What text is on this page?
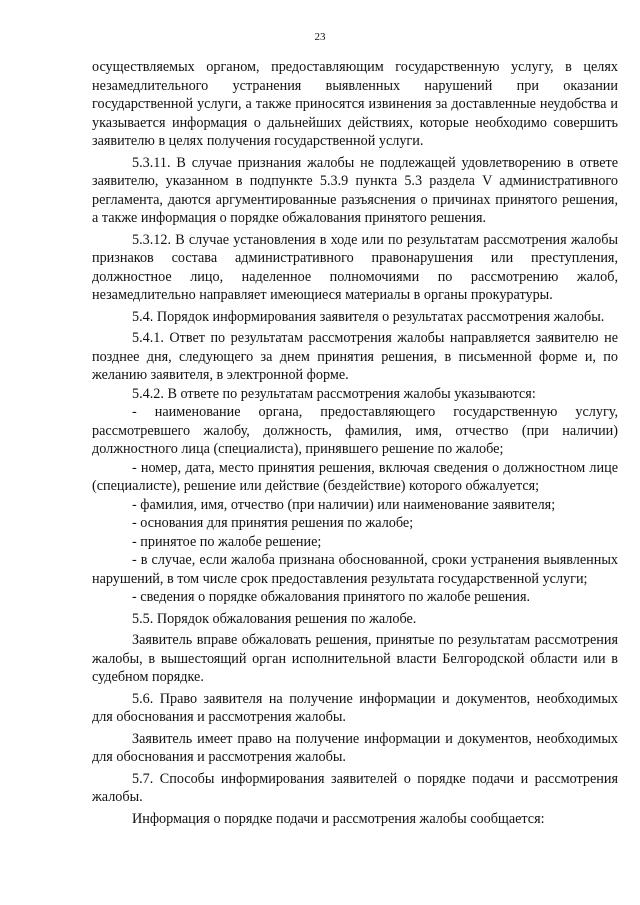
23

осуществляемых органом, предоставляющим государственную услугу, в целях незамедлительного устранения выявленных нарушений при оказании государственной услуги, а также приносятся извинения за доставленные неудобства и указывается информация о дальнейших действиях, которые необходимо совершить заявителю в целях получения государственной услуги.

5.3.11. В случае признания жалобы не подлежащей удовлетворению в ответе заявителю, указанном в подпункте 5.3.9 пункта 5.3 раздела V административного регламента, даются аргументированные разъяснения о причинах принятого решения, а также информация о порядке обжалования принятого решения.

5.3.12. В случае установления в ходе или по результатам рассмотрения жалобы признаков состава административного правонарушения или преступления, должностное лицо, наделенное полномочиями по рассмотрению жалоб, незамедлительно направляет имеющиеся материалы в органы прокуратуры.

5.4. Порядок информирования заявителя о результатах рассмотрения жалобы.

5.4.1. Ответ по результатам рассмотрения жалобы направляется заявителю не позднее дня, следующего за днем принятия решения, в письменной форме и, по желанию заявителя, в электронной форме.

5.4.2. В ответе по результатам рассмотрения жалобы указываются:

- наименование органа, предоставляющего государственную услугу, рассмотревшего жалобу, должность, фамилия, имя, отчество (при наличии) должностного лица (специалиста), принявшего решение по жалобе;

- номер, дата, место принятия решения, включая сведения о должностном лице (специалисте), решение или действие (бездействие) которого обжалуется;

- фамилия, имя, отчество (при наличии) или наименование заявителя;

- основания для принятия решения по жалобе;

- принятое по жалобе решение;

- в случае, если жалоба признана обоснованной, сроки устранения выявленных нарушений, в том числе срок предоставления результата государственной услуги;

- сведения о порядке обжалования принятого по жалобе решения.

5.5. Порядок обжалования решения по жалобе.

Заявитель вправе обжаловать решения, принятые по результатам рассмотрения жалобы, в вышестоящий орган исполнительной власти Белгородской области или в судебном порядке.

5.6. Право заявителя на получение информации и документов, необходимых для обоснования и рассмотрения жалобы.

Заявитель имеет право на получение информации и документов, необходимых для обоснования и рассмотрения жалобы.

5.7. Способы информирования заявителей о порядке подачи и рассмотрения жалобы.

Информация о порядке подачи и рассмотрения жалобы сообщается:
